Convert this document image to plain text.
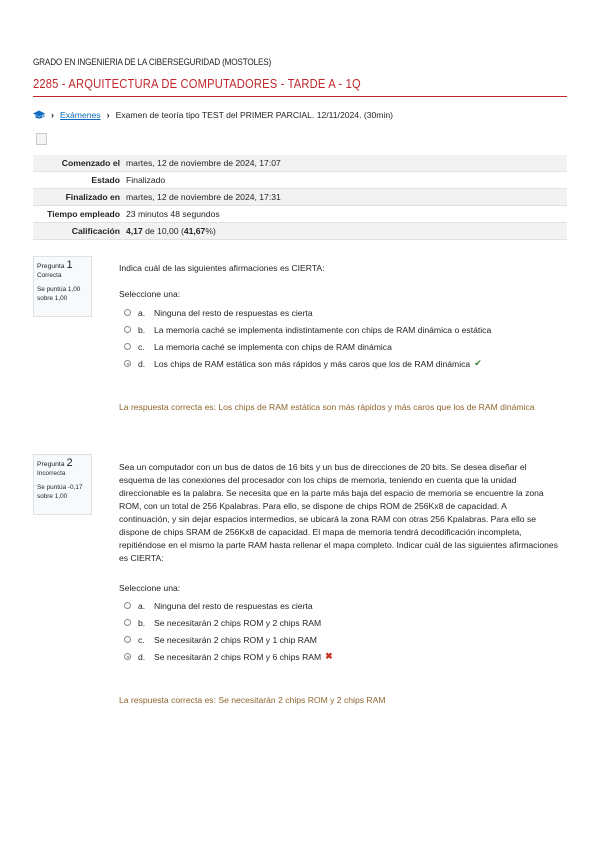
GRADO EN INGENIERIA DE LA CIBERSEGURIDAD (MOSTOLES)
2285 - ARQUITECTURA DE COMPUTADORES - TARDE A - 1Q
› Exámenes › Examen de teoría tipo TEST del PRIMER PARCIAL. 12/11/2024. (30min)
Comenzado el	martes, 12 de noviembre de 2024, 17:07
Estado	Finalizado
Finalizado en	martes, 12 de noviembre de 2024, 17:31
Tiempo empleado	23 minutos 48 segundos
Calificación	4,17 de 10,00 (41,67%)
Pregunta 1
Correcta
Se puntúa 1,00 sobre 1,00
Indica cuál de las siguientes afirmaciones es CIERTA:
Seleccione una:
a.	Ninguna del resto de respuestas es cierta
b.	La memoria caché se implementa indistintamente con chips de RAM dinámica o estática
c.	La memoria caché se implementa con chips de RAM dinámica
d.	Los chips de RAM estática son más rápidos y más caros que los de RAM dinámica ✔
La respuesta correcta es: Los chips de RAM estática son más rápidos y más caros que los de RAM dinámica
Pregunta 2
Incorrecta
Se puntúa -0,17 sobre 1,00
Sea un computador con un bus de datos de 16 bits y un bus de direcciones de 20 bits. Se desea diseñar el esquema de las conexiones del procesador con los chips de memoria, teniendo en cuenta que la unidad direccionable es la palabra. Se necesita que en la parte más baja del espacio de memoria se encuentre la zona ROM, con un total de 256 Kpalabras. Para ello, se dispone de chips ROM de 256Kx8 de capacidad. A continuación, y sin dejar espacios intermedios, se ubicará la zona RAM con otras 256 Kpalabras. Para ello se dispone de chips SRAM de 256Kx8 de capacidad. El mapa de memoria tendrá decodificación incompleta, repitiéndose en el mismo la parte RAM hasta rellenar el mapa completo. Indicar cuál de las siguientes afirmaciones es CIERTA:
Seleccione una:
a.	Ninguna del resto de respuestas es cierta
b.	Se necesitarán 2 chips ROM y 2 chips RAM
c.	Se necesitarán 2 chips ROM y 1 chip RAM
d.	Se necesitarán 2 chips ROM y 6 chips RAM ✖
La respuesta correcta es: Se necesitarán 2 chips ROM y 2 chips RAM
